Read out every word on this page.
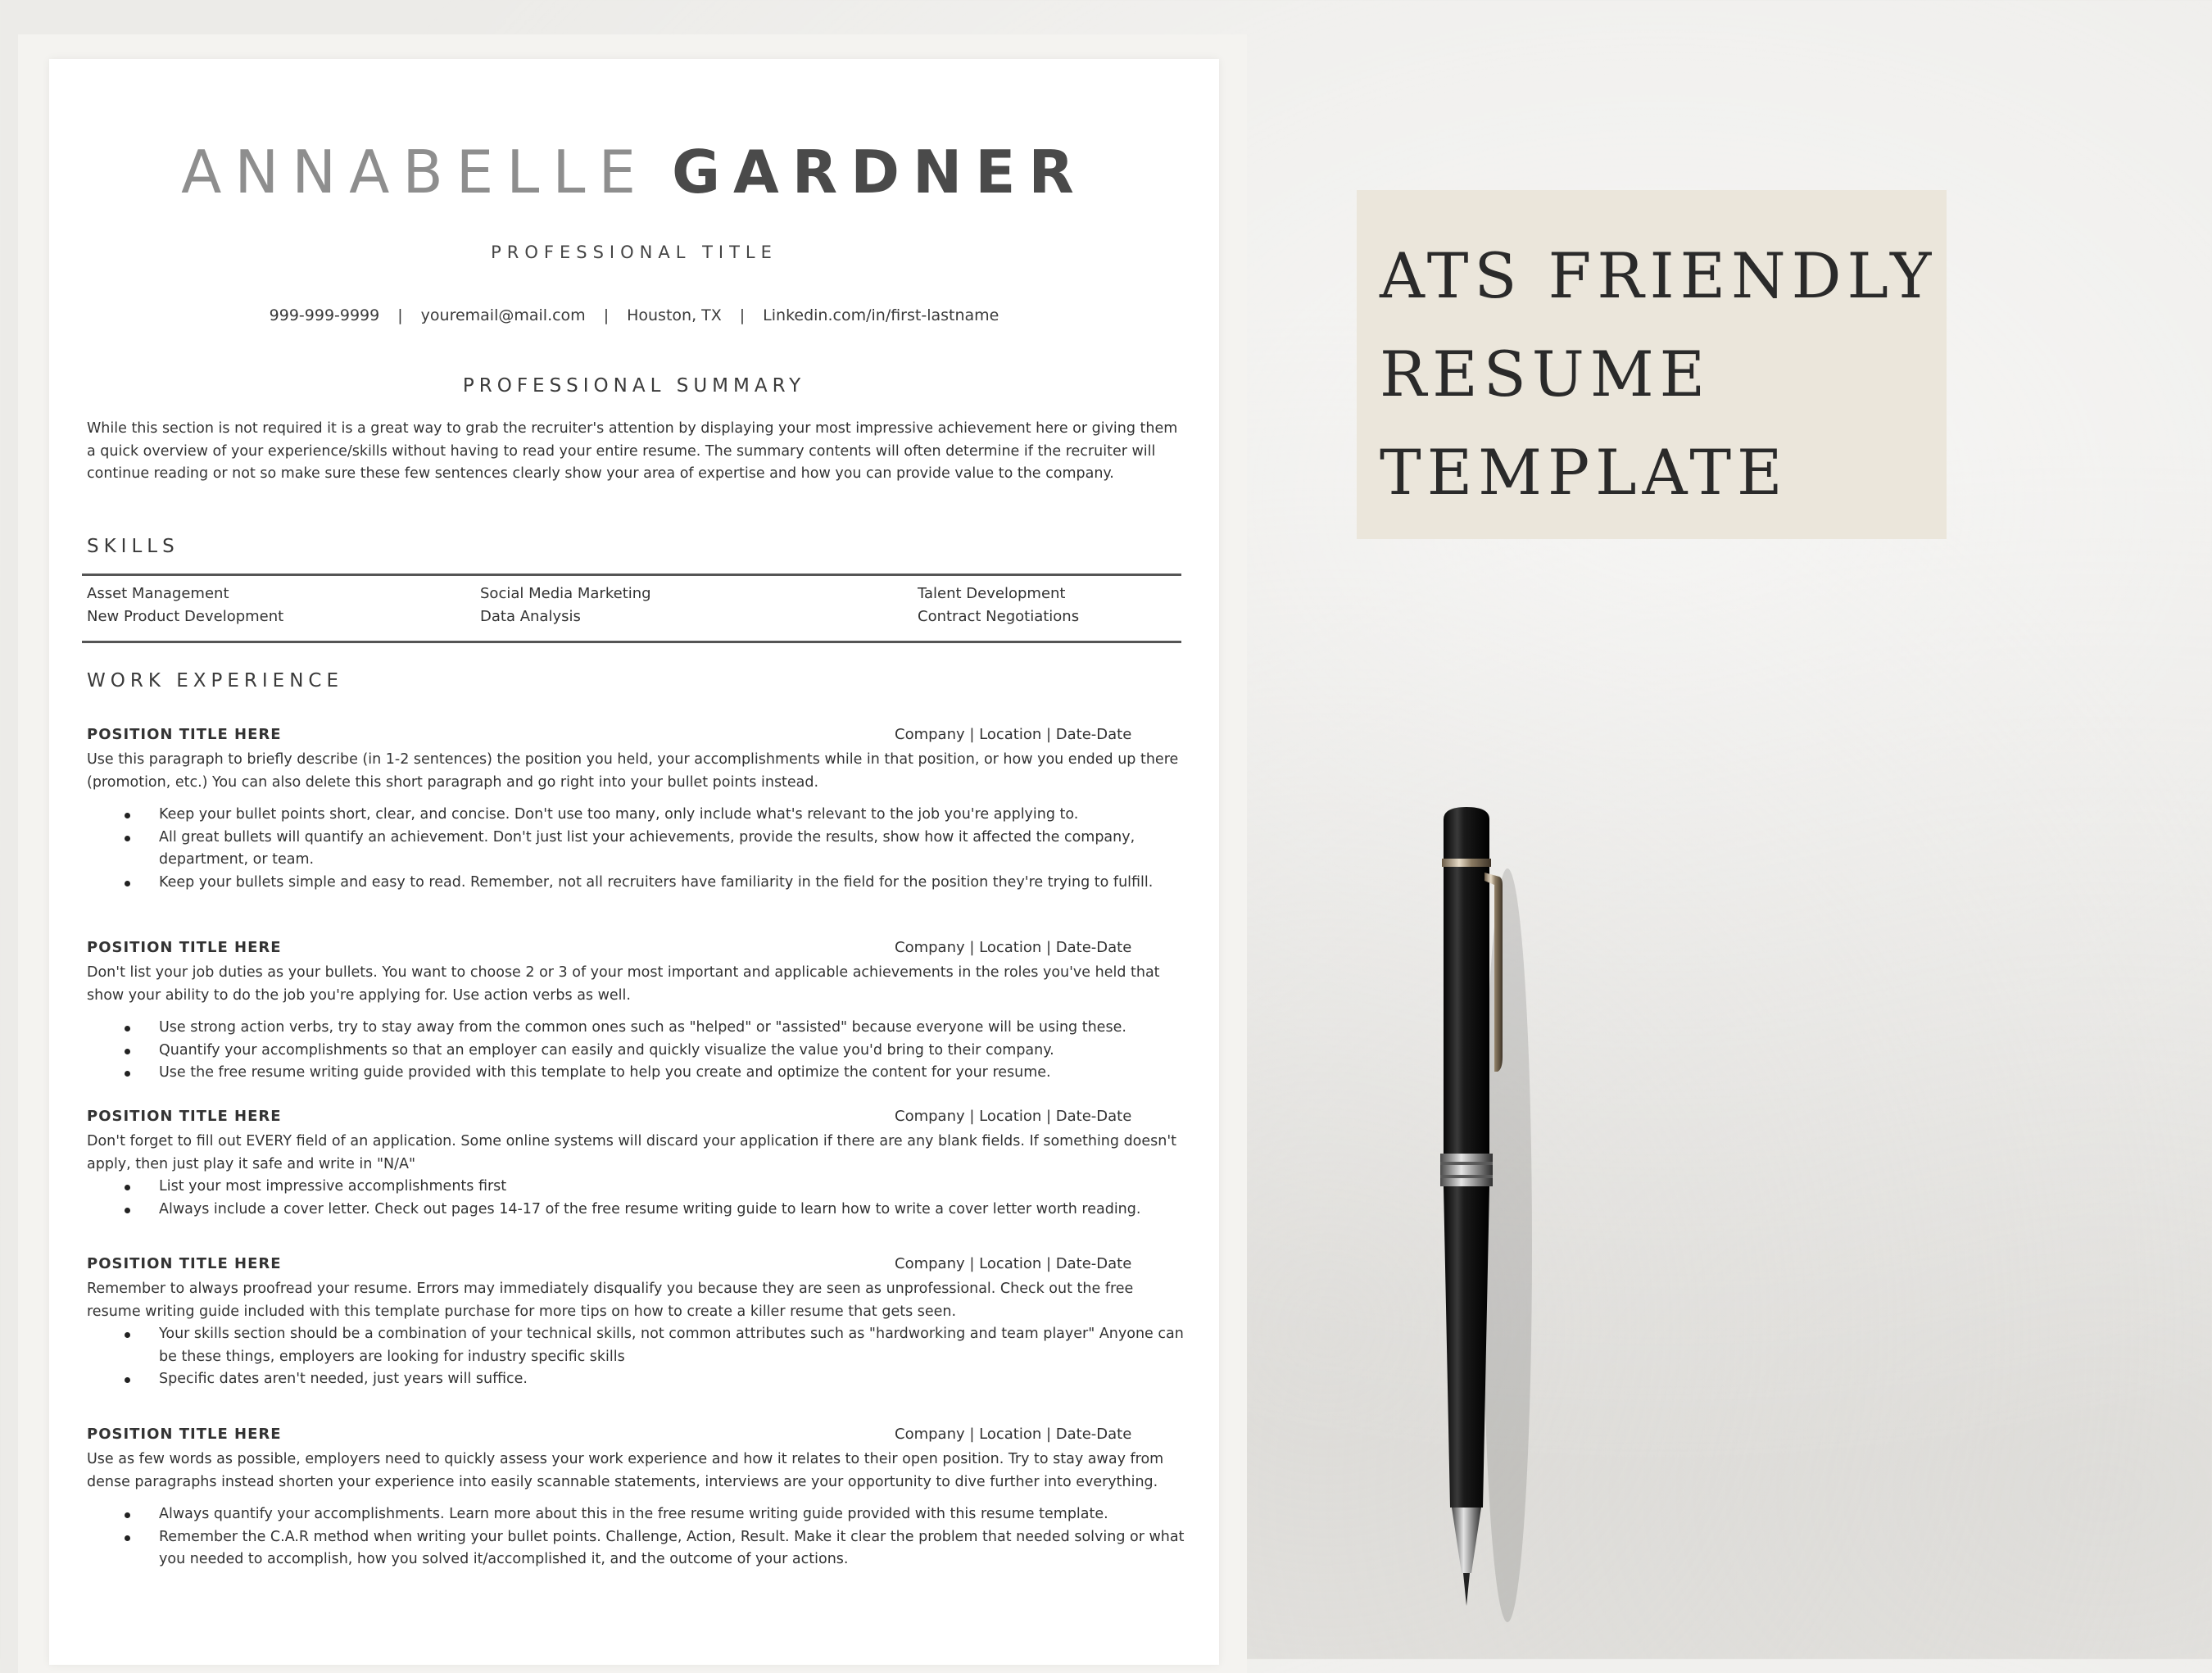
ANNABELLE GARDNER
PROFESSIONAL TITLE
999-999-9999 | youremail@mail.com | Houston, TX | Linkedin.com/in/first-lastname
PROFESSIONAL SUMMARY
While this section is not required it is a great way to grab the recruiter's attention by displaying your most impressive achievement here or giving them a quick overview of your experience/skills without having to read your entire resume. The summary contents will often determine if the recruiter will continue reading or not so make sure these few sentences clearly show your area of expertise and how you can provide value to the company.
SKILLS
Asset Management	Social Media Marketing	Talent Development
New Product Development	Data Analysis	Contract Negotiations
WORK EXPERIENCE
POSITION TITLE HERE	Company | Location | Date-Date
Use this paragraph to briefly describe (in 1-2 sentences) the position you held, your accomplishments while in that position, or how you ended up there (promotion, etc.) You can also delete this short paragraph and go right into your bullet points instead.
Keep your bullet points short, clear, and concise. Don't use too many, only include what's relevant to the job you're applying to.
All great bullets will quantify an achievement. Don't just list your achievements, provide the results, show how it affected the company, department, or team.
Keep your bullets simple and easy to read. Remember, not all recruiters have familiarity in the field for the position they're trying to fulfill.
POSITION TITLE HERE	Company | Location | Date-Date
Don't list your job duties as your bullets. You want to choose 2 or 3 of your most important and applicable achievements in the roles you've held that show your ability to do the job you're applying for. Use action verbs as well.
Use strong action verbs, try to stay away from the common ones such as "helped" or "assisted" because everyone will be using these.
Quantify your accomplishments so that an employer can easily and quickly visualize the value you'd bring to their company.
Use the free resume writing guide provided with this template to help you create and optimize the content for your resume.
POSITION TITLE HERE	Company | Location | Date-Date
Don't forget to fill out EVERY field of an application. Some online systems will discard your application if there are any blank fields. If something doesn't apply, then just play it safe and write in "N/A"
List your most impressive accomplishments first
Always include a cover letter. Check out pages 14-17 of the free resume writing guide to learn how to write a cover letter worth reading.
POSITION TITLE HERE	Company | Location | Date-Date
Remember to always proofread your resume. Errors may immediately disqualify you because they are seen as unprofessional. Check out the free resume writing guide included with this template purchase for more tips on how to create a killer resume that gets seen.
Your skills section should be a combination of your technical skills, not common attributes such as "hardworking and team player" Anyone can be these things, employers are looking for industry specific skills
Specific dates aren't needed, just years will suffice.
POSITION TITLE HERE	Company | Location | Date-Date
Use as few words as possible, employers need to quickly assess your work experience and how it relates to their open position. Try to stay away from dense paragraphs instead shorten your experience into easily scannable statements, interviews are your opportunity to dive further into everything.
Always quantify your accomplishments. Learn more about this in the free resume writing guide provided with this resume template.
Remember the C.A.R method when writing your bullet points. Challenge, Action, Result. Make it clear the problem that needed solving or what you needed to accomplish, how you solved it/accomplished it, and the outcome of your actions.
ATS FRIENDLY
RESUME
TEMPLATE
